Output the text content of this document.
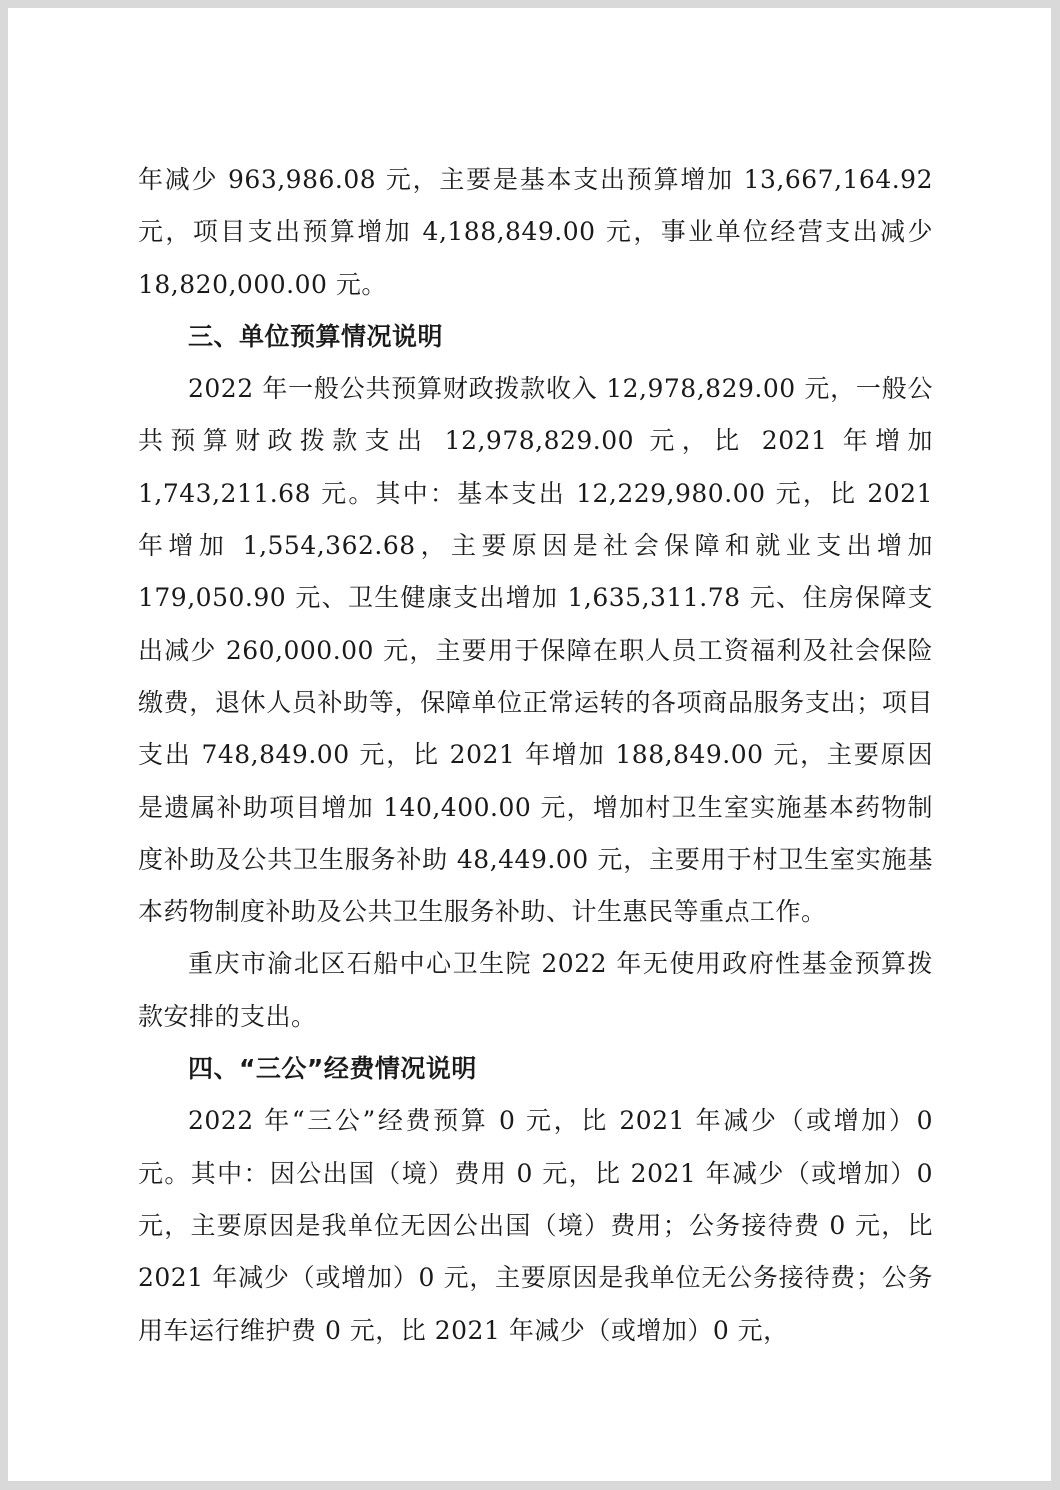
年减少 963,986.08 元，主要是基本支出预算增加 13,667,164.92 元，项目支出预算增加 4,188,849.00 元，事业单位经营支出减少 18,820,000.00 元。

三、单位预算情况说明

2022 年一般公共预算财政拨款收入 12,978,829.00 元，一般公共预算财政拨款支出 12,978,829.00 元，比 2021 年增加 1,743,211.68 元。其中：基本支出 12,229,980.00 元，比 2021 年增加 1,554,362.68，主要原因是社会保障和就业支出增加 179,050.90 元、卫生健康支出增加 1,635,311.78 元、住房保障支出减少 260,000.00 元，主要用于保障在职人员工资福利及社会保险缴费，退休人员补助等，保障单位正常运转的各项商品服务支出；项目支出 748,849.00 元，比 2021 年增加 188,849.00 元，主要原因是遗属补助项目增加 140,400.00 元，增加村卫生室实施基本药物制度补助及公共卫生服务补助 48,449.00 元，主要用于村卫生室实施基本药物制度补助及公共卫生服务补助、计生惠民等重点工作。

重庆市渝北区石船中心卫生院 2022 年无使用政府性基金预算拨款安排的支出。

四、“三公”经费情况说明

2022 年“三公”经费预算 0 元，比 2021 年减少（或增加）0 元。其中：因公出国（境）费用 0 元，比 2021 年减少（或增加）0 元，主要原因是我单位无因公出国（境）费用；公务接待费 0 元，比 2021 年减少（或增加）0 元，主要原因是我单位无公务接待费；公务用车运行维护费 0 元，比 2021 年减少（或增加）0 元，
